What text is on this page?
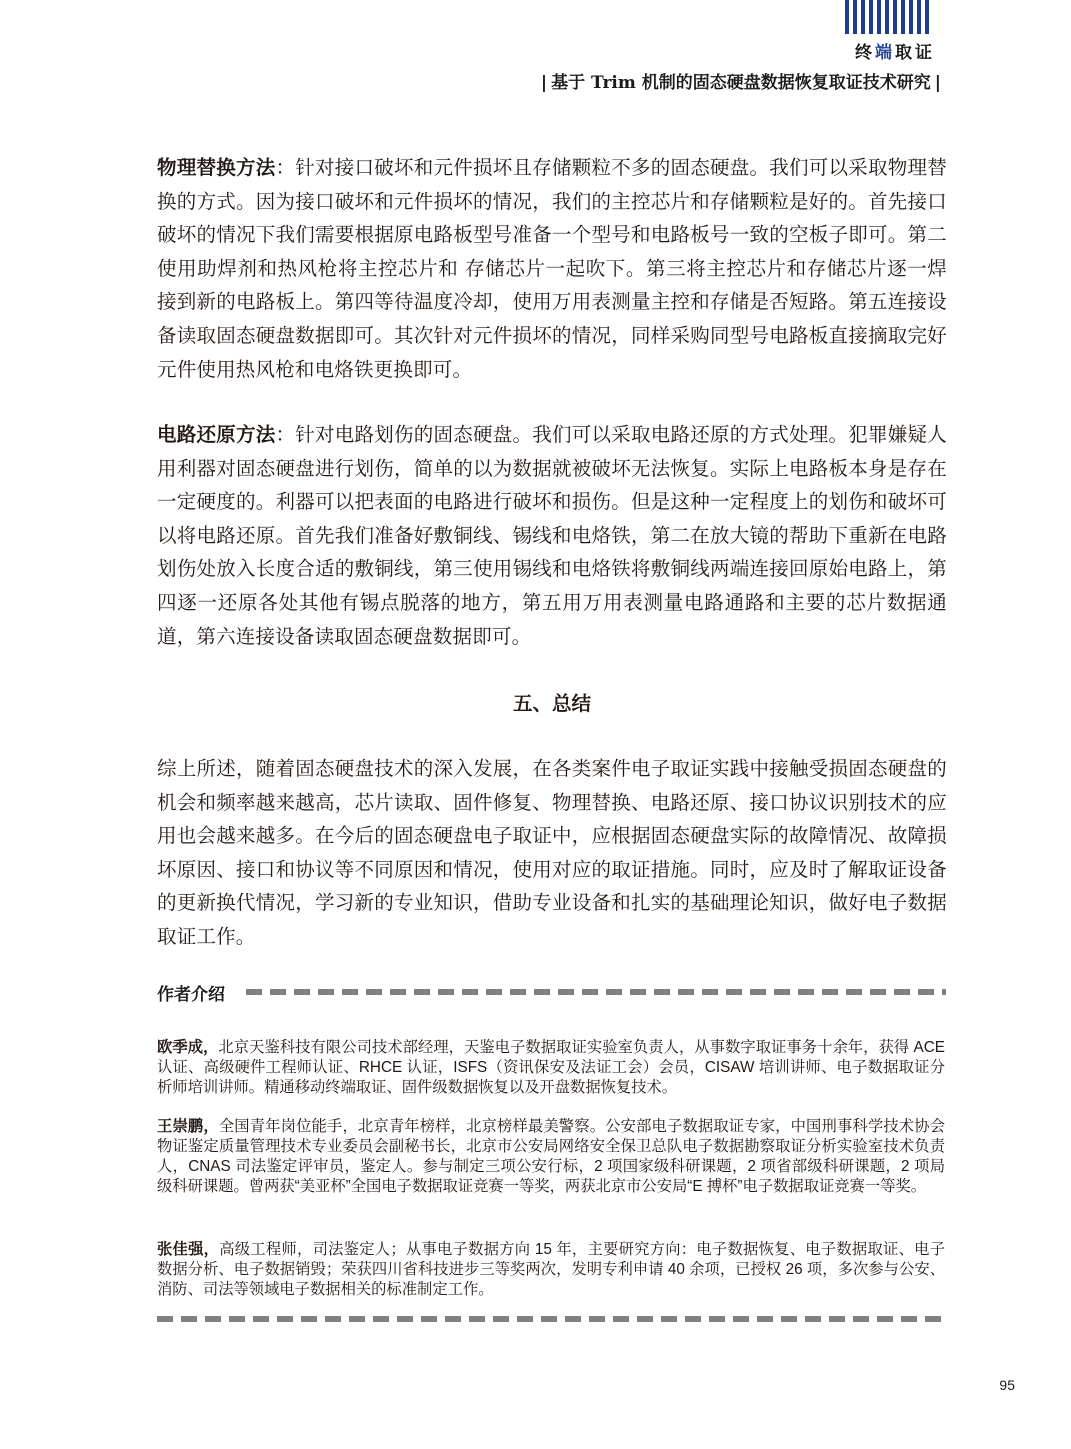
终端取证
| 基于 Trim 机制的固态硬盘数据恢复取证技术研究 |

物理替换方法：针对接口破坏和元件损坏且存储颗粒不多的固态硬盘。我们可以采取物理替换的方式。因为接口破坏和元件损坏的情况，我们的主控芯片和存储颗粒是好的。首先接口破坏的情况下我们需要根据原电路板型号准备一个型号和电路板号一致的空板子即可。第二使用助焊剂和热风枪将主控芯片和 存储芯片一起吹下。第三将主控芯片和存储芯片逐一焊接到新的电路板上。第四等待温度冷却，使用万用表测量主控和存储是否短路。第五连接设备读取固态硬盘数据即可。其次针对元件损坏的情况，同样采购同型号电路板直接摘取完好元件使用热风枪和电烙铁更换即可。

电路还原方法：针对电路划伤的固态硬盘。我们可以采取电路还原的方式处理。犯罪嫌疑人用利器对固态硬盘进行划伤，简单的以为数据就被破坏无法恢复。实际上电路板本身是存在一定硬度的。利器可以把表面的电路进行破坏和损伤。但是这种一定程度上的划伤和破坏可以将电路还原。首先我们准备好敷铜线、锡线和电烙铁，第二在放大镜的帮助下重新在电路划伤处放入长度合适的敷铜线，第三使用锡线和电烙铁将敷铜线两端连接回原始电路上，第四逐一还原各处其他有锡点脱落的地方，第五用万用表测量电路通路和主要的芯片数据通道，第六连接设备读取固态硬盘数据即可。

五、总结

综上所述，随着固态硬盘技术的深入发展，在各类案件电子取证实践中接触受损固态硬盘的机会和频率越来越高，芯片读取、固件修复、物理替换、电路还原、接口协议识别技术的应用也会越来越多。在今后的固态硬盘电子取证中，应根据固态硬盘实际的故障情况、故障损坏原因、接口和协议等不同原因和情况，使用对应的取证措施。同时，应及时了解取证设备的更新换代情况，学习新的专业知识，借助专业设备和扎实的基础理论知识，做好电子数据取证工作。

作者介绍

欧季成，北京天鉴科技有限公司技术部经理，天鉴电子数据取证实验室负责人，从事数字取证事务十余年，获得 ACE 认证、高级硬件工程师认证、RHCE 认证，ISFS（资讯保安及法证工会）会员，CISAW 培训讲师、电子数据取证分析师培训讲师。精通移动终端取证、固件级数据恢复以及开盘数据恢复技术。

王崇鹏，全国青年岗位能手，北京青年榜样，北京榜样最美警察。公安部电子数据取证专家，中国刑事科学技术协会物证鉴定质量管理技术专业委员会副秘书长，北京市公安局网络安全保卫总队电子数据勘察取证分析实验室技术负责人，CNAS 司法鉴定评审员，鉴定人。参与制定三项公安行标，2 项国家级科研课题，2 项省部级科研课题，2 项局级科研课题。曾两获“美亚杯”全国电子数据取证竞赛一等奖，两获北京市公安局“E 搏杯”电子数据取证竞赛一等奖。

张佳强，高级工程师，司法鉴定人；从事电子数据方向 15 年，主要研究方向：电子数据恢复、电子数据取证、电子数据分析、电子数据销毁；荣获四川省科技进步三等奖两次，发明专利申请 40 余项，已授权 26 项，多次参与公安、消防、司法等领域电子数据相关的标准制定工作。

95
